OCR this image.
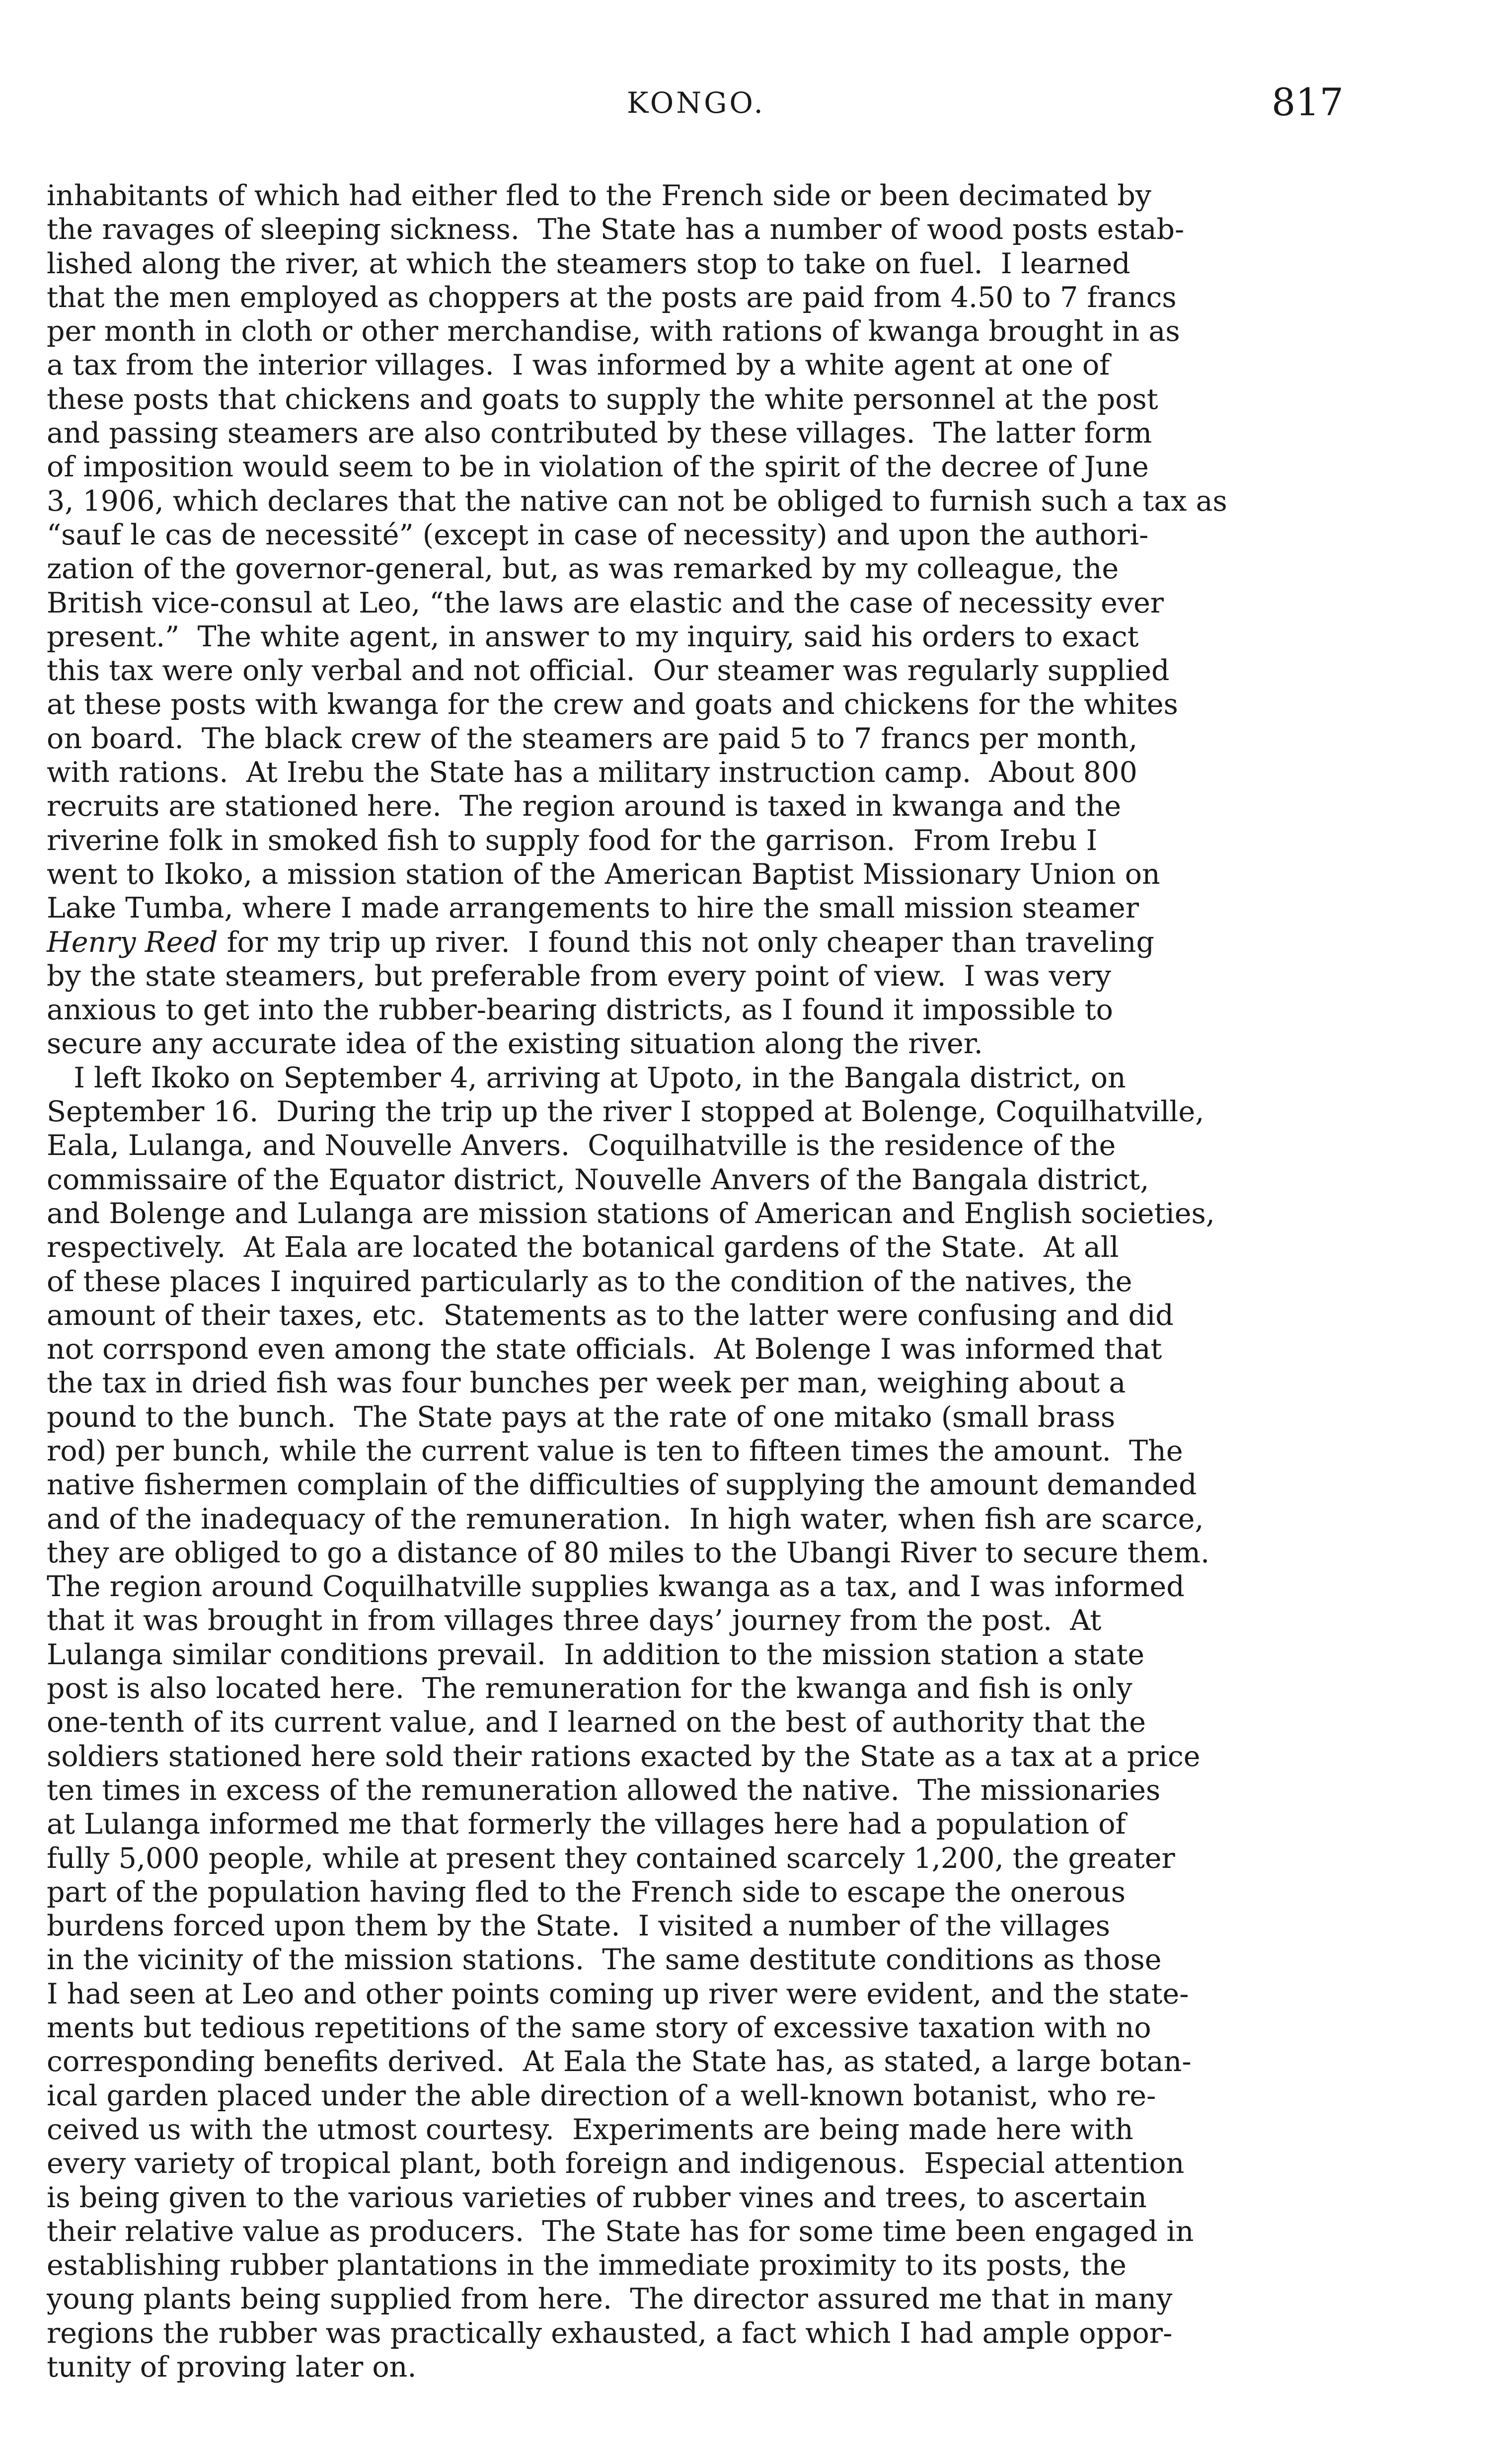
KONGO.	817
inhabitants of which had either fled to the French side or been decimated by
the ravages of sleeping sickness.  The State has a number of wood posts estab-
lished along the river, at which the steamers stop to take on fuel.  I learned
that the men employed as choppers at the posts are paid from 4.50 to 7 francs
per month in cloth or other merchandise, with rations of kwanga brought in as
a tax from the interior villages.  I was informed by a white agent at one of
these posts that chickens and goats to supply the white personnel at the post
and passing steamers are also contributed by these villages.  The latter form
of imposition would seem to be in violation of the spirit of the decree of June
3, 1906, which declares that the native can not be obliged to furnish such a tax as
“sauf le cas de necessité” (except in case of necessity) and upon the authori-
zation of the governor-general, but, as was remarked by my colleague, the
British vice-consul at Leo, “the laws are elastic and the case of necessity ever
present.”  The white agent, in answer to my inquiry, said his orders to exact
this tax were only verbal and not official.  Our steamer was regularly supplied
at these posts with kwanga for the crew and goats and chickens for the whites
on board.  The black crew of the steamers are paid 5 to 7 francs per month,
with rations.  At Irebu the State has a military instruction camp.  About 800
recruits are stationed here.  The region around is taxed in kwanga and the
riverine folk in smoked fish to supply food for the garrison.  From Irebu I
went to Ikoko, a mission station of the American Baptist Missionary Union on
Lake Tumba, where I made arrangements to hire the small mission steamer
Henry Reed for my trip up river.  I found this not only cheaper than traveling
by the state steamers, but preferable from every point of view.  I was very
anxious to get into the rubber-bearing districts, as I found it impossible to
secure any accurate idea of the existing situation along the river.
I left Ikoko on September 4, arriving at Upoto, in the Bangala district, on
September 16.  During the trip up the river I stopped at Bolenge, Coquilhatville,
Eala, Lulanga, and Nouvelle Anvers.  Coquilhatville is the residence of the
commissaire of the Equator district, Nouvelle Anvers of the Bangala district,
and Bolenge and Lulanga are mission stations of American and English societies,
respectively.  At Eala are located the botanical gardens of the State.  At all
of these places I inquired particularly as to the condition of the natives, the
amount of their taxes, etc.  Statements as to the latter were confusing and did
not corrspond even among the state officials.  At Bolenge I was informed that
the tax in dried fish was four bunches per week per man, weighing about a
pound to the bunch.  The State pays at the rate of one mitako (small brass
rod) per bunch, while the current value is ten to fifteen times the amount.  The
native fishermen complain of the difficulties of supplying the amount demanded
and of the inadequacy of the remuneration.  In high water, when fish are scarce,
they are obliged to go a distance of 80 miles to the Ubangi River to secure them.
The region around Coquilhatville supplies kwanga as a tax, and I was informed
that it was brought in from villages three days’ journey from the post.  At
Lulanga similar conditions prevail.  In addition to the mission station a state
post is also located here.  The remuneration for the kwanga and fish is only
one-tenth of its current value, and I learned on the best of authority that the
soldiers stationed here sold their rations exacted by the State as a tax at a price
ten times in excess of the remuneration allowed the native.  The missionaries
at Lulanga informed me that formerly the villages here had a population of
fully 5,000 people, while at present they contained scarcely 1,200, the greater
part of the population having fled to the French side to escape the onerous
burdens forced upon them by the State.  I visited a number of the villages
in the vicinity of the mission stations.  The same destitute conditions as those
I had seen at Leo and other points coming up river were evident, and the state-
ments but tedious repetitions of the same story of excessive taxation with no
corresponding benefits derived.  At Eala the State has, as stated, a large botan-
ical garden placed under the able direction of a well-known botanist, who re-
ceived us with the utmost courtesy.  Experiments are being made here with
every variety of tropical plant, both foreign and indigenous.  Especial attention
is being given to the various varieties of rubber vines and trees, to ascertain
their relative value as producers.  The State has for some time been engaged in
establishing rubber plantations in the immediate proximity to its posts, the
young plants being supplied from here.  The director assured me that in many
regions the rubber was practically exhausted, a fact which I had ample oppor-
tunity of proving later on.
